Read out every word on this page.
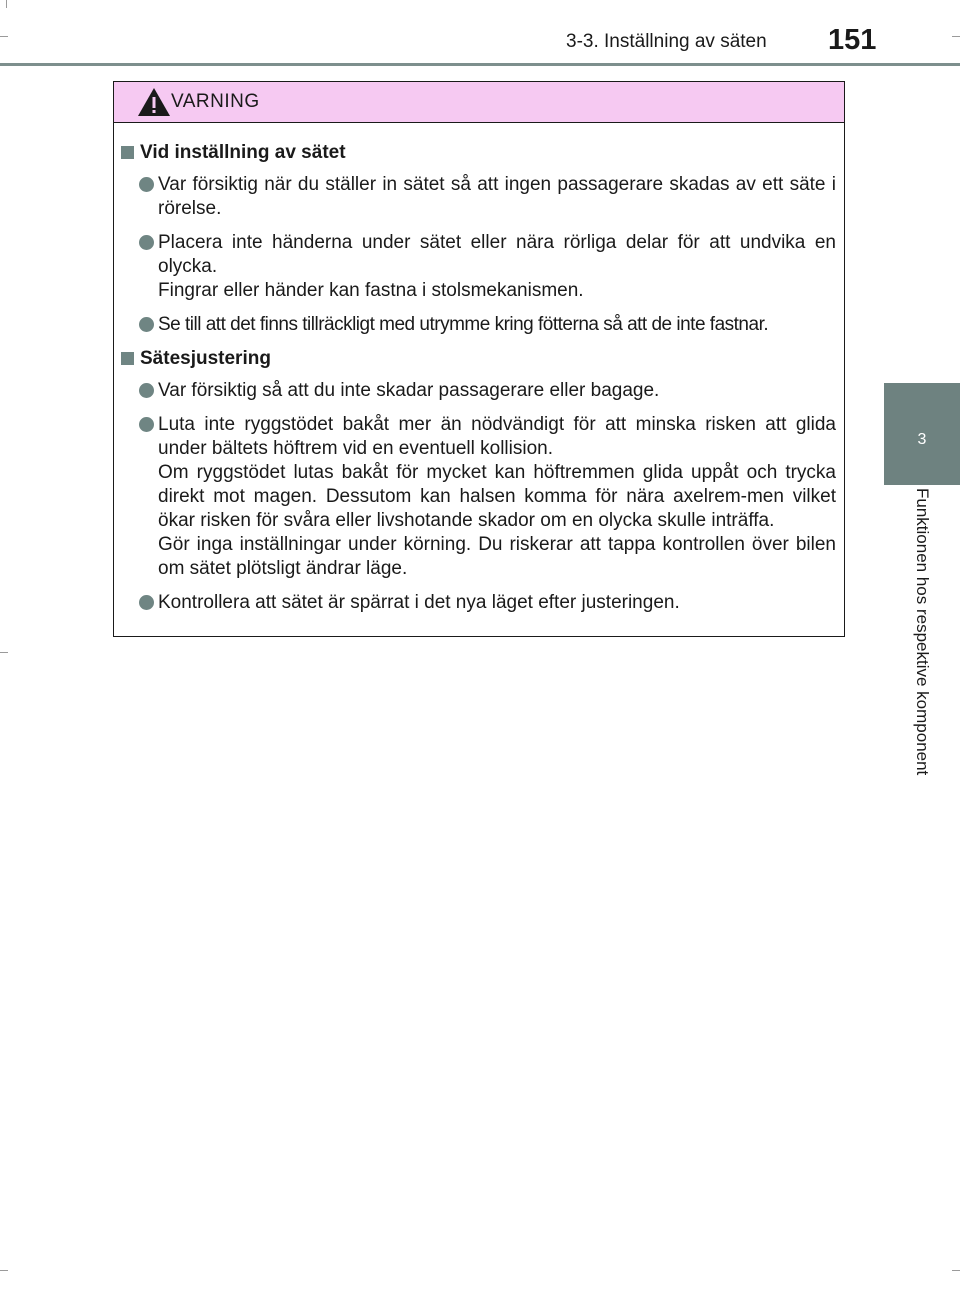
3-3. Inställning av säten 151
3
Funktionen hos respektive komponent
VARNING
Vid inställning av sätet

Var försiktig när du ställer in sätet så att ingen passagerare skadas av ett säte i rörelse.

Placera inte händerna under sätet eller nära rörliga delar för att undvika en olycka.

Fingrar eller händer kan fastna i stolsmekanismen.

Se till att det finns tillräckligt med utrymme kring fötterna så att de inte fastnar.

Sätesjustering

Var försiktig så att du inte skadar passagerare eller bagage.

Luta inte ryggstödet bakåt mer än nödvändigt för att minska risken att glida under bältets höftrem vid en eventuell kollision.

Om ryggstödet lutas bakåt för mycket kan höftremmen glida uppåt och trycka direkt mot magen. Dessutom kan halsen komma för nära axelrem-men vilket ökar risken för svåra eller livshotande skador om en olycka skulle inträffa.

Gör inga inställningar under körning. Du riskerar att tappa kontrollen över bilen om sätet plötsligt ändrar läge.

Kontrollera att sätet är spärrat i det nya läget efter justeringen.
